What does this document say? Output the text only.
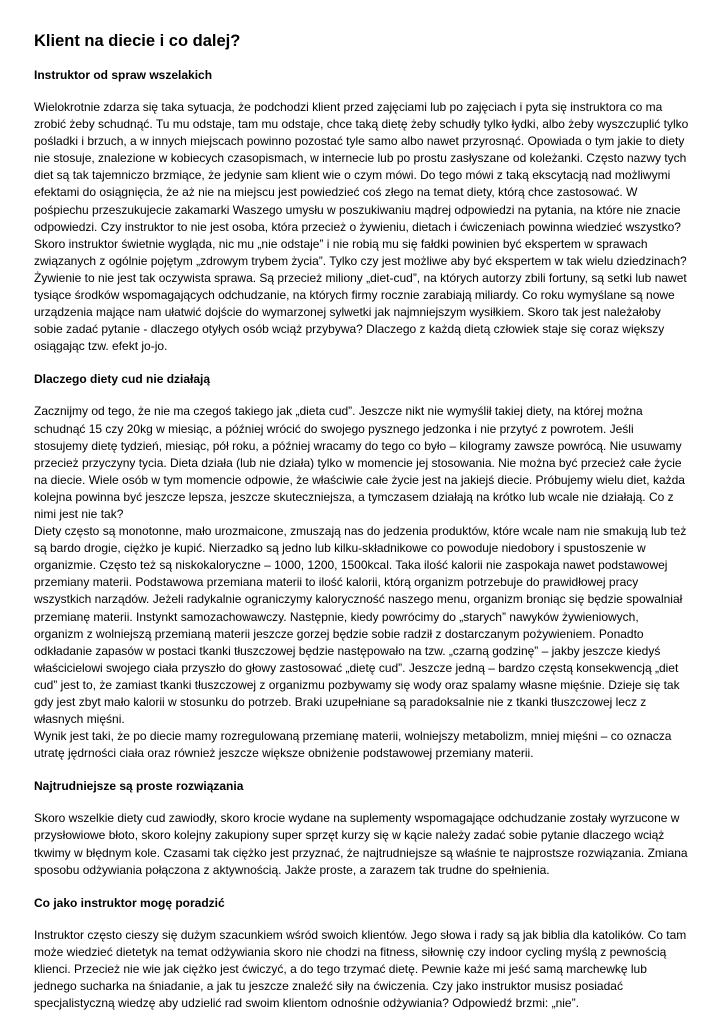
Klient na diecie i co dalej?
Instruktor od spraw wszelakich

Wielokrotnie zdarza się taka sytuacja, że podchodzi klient przed zajęciami lub po zajęciach i pyta się instruktora co ma zrobić żeby schudnąć. Tu mu odstaje, tam mu odstaje, chce taką dietę żeby schudły tylko łydki, albo żeby wyszczuplić tylko pośladki i brzuch, a w innych miejscach powinno pozostać tyle samo albo nawet przyrosnąć. Opowiada o tym jakie to diety nie stosuje, znalezione w kobiecych czasopismach, w internecie lub po prostu zasłyszane od koleżanki. Często nazwy tych diet są tak tajemniczo brzmiące, że jedynie sam klient wie o czym mówi. Do tego mówi z taką ekscytacją nad możliwymi efektami do osiągnięcia, że aż nie na miejscu jest powiedzieć coś złego na temat diety, którą chce zastosować. W pośpiechu przeszukujecie zakamarki Waszego umysłu w poszukiwaniu mądrej odpowiedzi na pytania, na które nie znacie odpowiedzi. Czy instruktor to nie jest osoba, która przecież o żywieniu, dietach i ćwiczeniach powinna wiedzieć wszystko? Skoro instruktor świetnie wygląda, nic mu „nie odstaje” i nie robią mu się fałdki powinien być ekspertem w sprawach związanych z ogólnie pojętym „zdrowym trybem życia”. Tylko czy jest możliwe aby być ekspertem w tak wielu dziedzinach? Żywienie to nie jest tak oczywista sprawa. Są przecież miliony „diet-cud”, na których autorzy zbili fortuny, są setki lub nawet tysiące środków wspomagających odchudzanie, na których firmy rocznie zarabiają miliardy. Co roku wymyślane są nowe urządzenia mające nam ułatwić dojście do wymarzonej sylwetki jak najmniejszym wysiłkiem. Skoro tak jest należałoby sobie zadać pytanie - dlaczego otyłych osób wciąż przybywa? Dlaczego z każdą dietą człowiek staje się coraz większy osiągając tzw. efekt jo-jo.

Dlaczego diety cud nie działają

Zacznijmy od tego, że nie ma czegoś takiego jak „dieta cud”. Jeszcze nikt nie wymyślił takiej diety, na której można schudnąć 15 czy 20kg w miesiąc, a później wrócić do swojego pysznego jedzonka i nie przytyć z powrotem. Jeśli stosujemy dietę tydzień, miesiąc, pół roku, a później wracamy do tego co było – kilogramy zawsze powrócą. Nie usuwamy przecież przyczyny tycia. Dieta działa (lub nie działa) tylko w momencie jej stosowania. Nie można być przecież całe życie na diecie. Wiele osób w tym momencie odpowie, że właściwie całe życie jest na jakiejś diecie. Próbujemy wielu diet, każda kolejna powinna być jeszcze lepsza, jeszcze skuteczniejsza, a tymczasem działają na krótko lub wcale nie działają. Co z nimi jest nie tak?

Diety często są monotonne, mało urozmaicone, zmuszają nas do jedzenia produktów, które wcale nam nie smakują lub też są bardo drogie, ciężko je kupić. Nierzadko są jedno lub kilku-składnikowe co powoduje niedobory i spustoszenie w organizmie. Często też są niskokaloryczne – 1000, 1200, 1500kcal. Taka ilość kalorii nie zaspokaja nawet podstawowej przemiany materii. Podstawowa przemiana materii to ilość kalorii, którą organizm potrzebuje do prawidłowej pracy wszystkich narządów. Jeżeli radykalnie ograniczymy kaloryczność naszego menu, organizm broniąc się będzie spowalniał przemianę materii. Instynkt samozachowawczy. Następnie, kiedy powrócimy do „starych” nawyków żywieniowych, organizm z wolniejszą przemianą materii jeszcze gorzej będzie sobie radził z dostarczanym pożywieniem. Ponadto odkładanie zapasów w postaci tkanki tłuszczowej będzie następowało na tzw. „czarną godzinę” – jakby jeszcze kiedyś właścicielowi swojego ciała przyszło do głowy zastosować „dietę cud”. Jeszcze jedną – bardzo częstą konsekwencją „diet cud” jest to, że zamiast tkanki tłuszczowej z organizmu pozbywamy się wody oraz spalamy własne mięśnie. Dzieje się tak gdy jest zbyt mało kalorii w stosunku do potrzeb. Braki uzupełniane są paradoksalnie nie z tkanki tłuszczowej lecz z własnych mięśni.

Wynik jest taki, że po diecie mamy rozregulowaną przemianę materii, wolniejszy metabolizm, mniej mięśni – co oznacza utratę jędrności ciała oraz również jeszcze większe obniżenie podstawowej przemiany materii.

Najtrudniejsze są proste rozwiązania

Skoro wszelkie diety cud zawiodły, skoro krocie wydane na suplementy wspomagające odchudzanie zostały wyrzucone w przysłowiowe błoto, skoro kolejny zakupiony super sprzęt kurzy się w kącie należy zadać sobie pytanie dlaczego wciąż tkwimy w błędnym kole. Czasami tak ciężko jest przyznać, że najtrudniejsze są właśnie te najprostsze rozwiązania. Zmiana sposobu odżywiania połączona z aktywnością. Jakże proste, a zarazem tak trudne do spełnienia.

Co jako instruktor mogę poradzić

Instruktor często cieszy się dużym szacunkiem wśród swoich klientów. Jego słowa i rady są jak biblia dla katolików. Co tam może wiedzieć dietetyk na temat odżywiania skoro nie chodzi na fitness, siłownię czy indoor cycling myślą z pewnością klienci. Przecież nie wie jak ciężko jest ćwiczyć, a do tego trzymać dietę. Pewnie każe mi jeść samą marchewkę lub jednego sucharka na śniadanie, a jak tu jeszcze znaleźć siły na ćwiczenia. Czy jako instruktor musisz posiadać specjalistyczną wiedzę aby udzielić rad swoim klientom odnośnie odżywiania? Odpowiedź brzmi: „nie”.
